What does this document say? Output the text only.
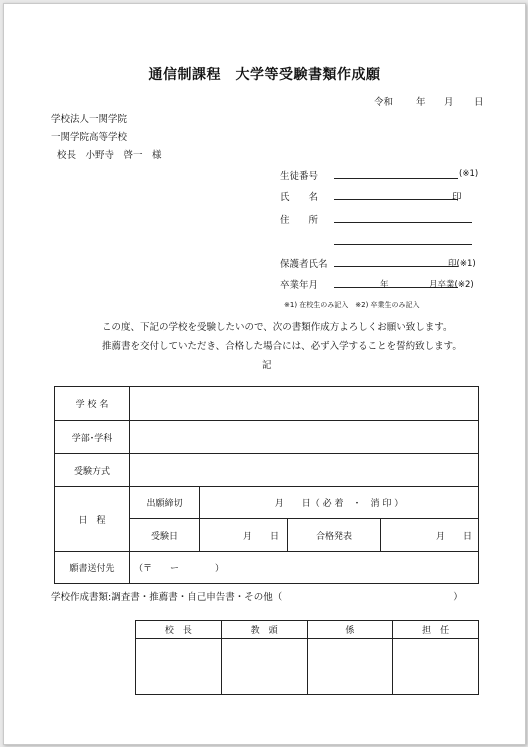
通信制課程　大学等受験書類作成願
令和 年 月 日
学校法人一関学院
一関学院高等学校
校長　小野寺　啓一　様
生徒番号	(※1)
氏　　名	印
住　　所
保護者氏名	印(※1)
卒業年月	年	月卒業(※2)
※1) 在校生のみ記入　※2) 卒業生のみ記入
この度、下記の学校を受験したいので、次の書類作成方よろしくお願い致します。
推薦書を交付していただき、合格した場合には、必ず入学することを誓約致します。
記
学 校 名				
学部･学科				
受験方式				
日　程	出願締切	月　　日（ 必 着　・　消 印 ）		
	受験日	月　　日	合格発表	月　　日
願書送付先	（〒　　ー　　　　）			
学校作成書類:調査書・推薦書・自己申告書・その他（　　　　　　　　　　　　　　　　　　）
校　長	教　頭	係	担　任
